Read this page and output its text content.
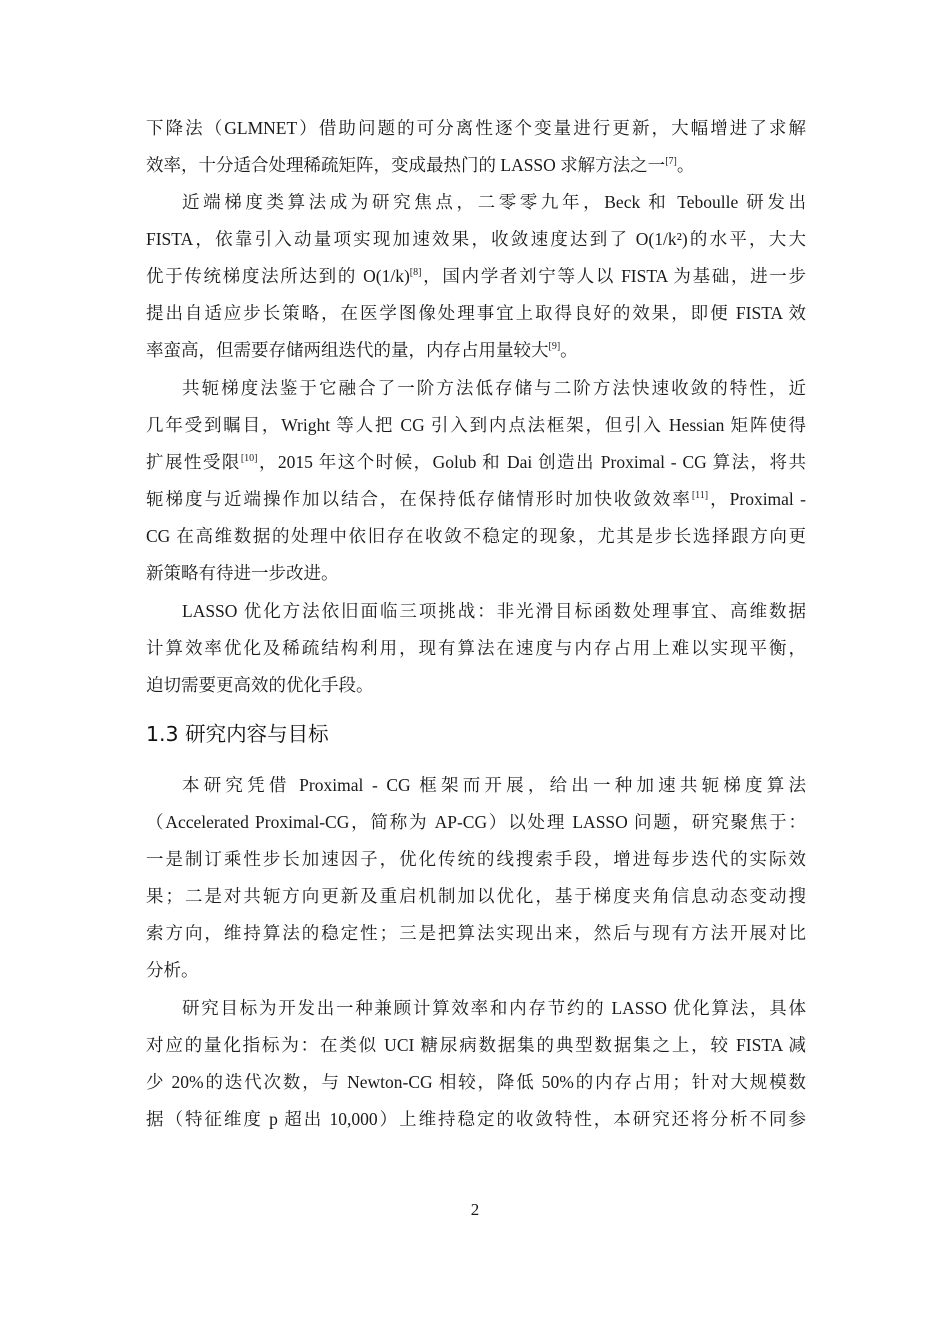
下降法（GLMNET）借助问题的可分离性逐个变量进行更新，大幅增进了求解
效率，十分适合处理稀疏矩阵，变成最热门的 LASSO 求解方法之一[7]。
近端梯度类算法成为研究焦点，二零零九年，Beck 和 Teboulle 研发出
FISTA，依靠引入动量项实现加速效果，收敛速度达到了 O(1/k²)的水平，大大
优于传统梯度法所达到的 O(1/k)[8]，国内学者刘宁等人以 FISTA 为基础，进一步
提出自适应步长策略，在医学图像处理事宜上取得良好的效果，即便 FISTA 效
率蛮高，但需要存储两组迭代的量，内存占用量较大[9]。
共轭梯度法鉴于它融合了一阶方法低存储与二阶方法快速收敛的特性，近
几年受到瞩目，Wright 等人把 CG 引入到内点法框架，但引入 Hessian 矩阵使得
扩展性受限[10]，2015 年这个时候，Golub 和 Dai 创造出 Proximal - CG 算法，将共
轭梯度与近端操作加以结合，在保持低存储情形时加快收敛效率[11]，Proximal -
CG 在高维数据的处理中依旧存在收敛不稳定的现象，尤其是步长选择跟方向更
新策略有待进一步改进。
LASSO 优化方法依旧面临三项挑战：非光滑目标函数处理事宜、高维数据
计算效率优化及稀疏结构利用，现有算法在速度与内存占用上难以实现平衡，
迫切需要更高效的优化手段。
1.3 研究内容与目标
本研究凭借 Proximal - CG 框架而开展，给出一种加速共轭梯度算法
（Accelerated Proximal-CG，简称为 AP-CG）以处理 LASSO 问题，研究聚焦于：
一是制订乘性步长加速因子，优化传统的线搜索手段，增进每步迭代的实际效
果；二是对共轭方向更新及重启机制加以优化，基于梯度夹角信息动态变动搜
索方向，维持算法的稳定性；三是把算法实现出来，然后与现有方法开展对比
分析。
研究目标为开发出一种兼顾计算效率和内存节约的 LASSO 优化算法，具体
对应的量化指标为：在类似 UCI 糖尿病数据集的典型数据集之上，较 FISTA 减
少 20%的迭代次数，与 Newton-CG 相较，降低 50%的内存占用；针对大规模数
据（特征维度 p 超出 10,000）上维持稳定的收敛特性，本研究还将分析不同参
2
